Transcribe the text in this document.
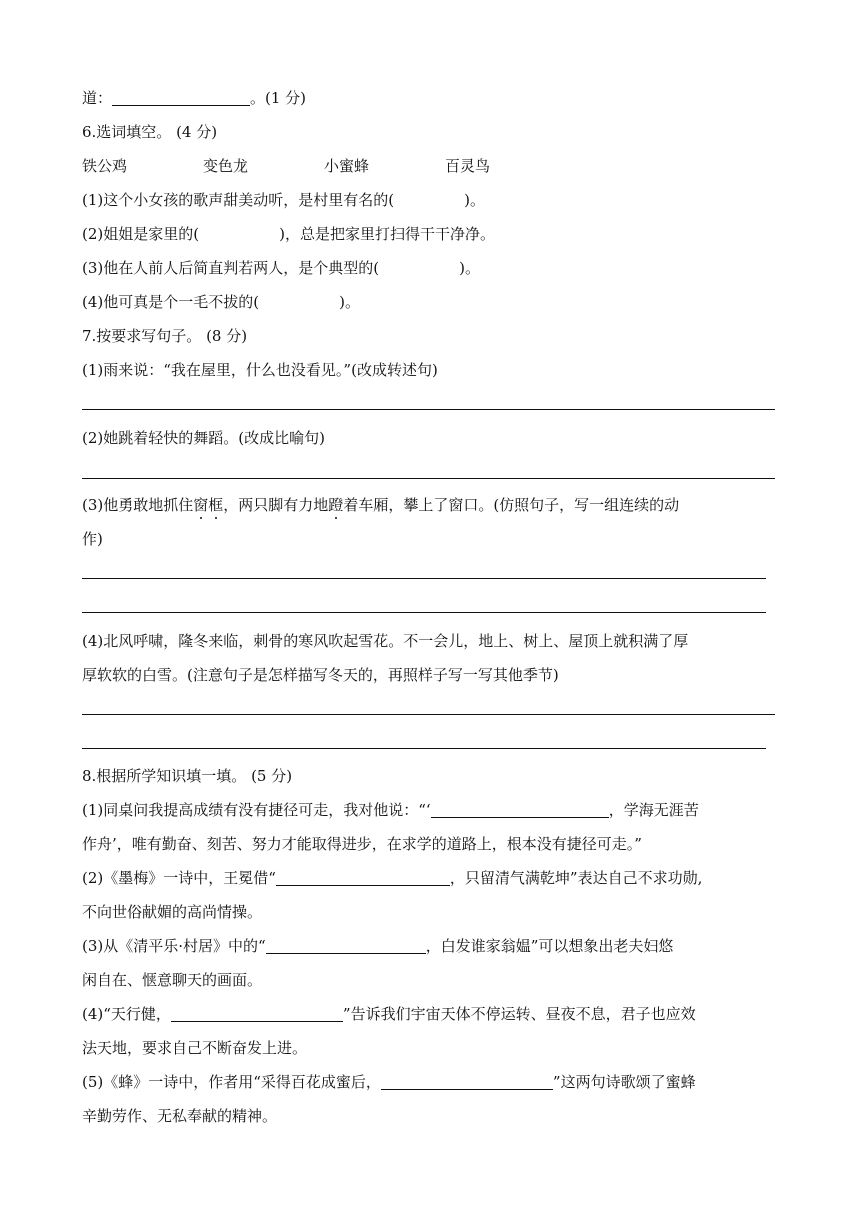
道：	。(1 分)
6.选词填空。 (4 分)
铁公鸡	变色龙	小蜜蜂	百灵鸟
(1)这个小女孩的歌声甜美动听，是村里有名的(	)。
(2)姐姐是家里的(	)，总是把家里打扫得干干净净。
(3)他在人前人后简直判若两人，是个典型的(	)。
(4)他可真是个一毛不拔的(	)。
7.按要求写句子。 (8 分)
(1)雨来说：“我在屋里，什么也没看见。”(改成转述句)
(2)她跳着轻快的舞蹈。(改成比喻句)
(3)他勇敢地抓住窗框，两只脚有力地蹬着车厢，攀上了窗口。(仿照句子，写一组连续的动
作)
(4)北风呼啸，隆冬来临，刺骨的寒风吹起雪花。不一会儿，地上、树上、屋顶上就积满了厚
厚软软的白雪。(注意句子是怎样描写冬天的，再照样子写一写其他季节)
8.根据所学知识填一填。 (5 分)
(1)同桌问我提高成绩有没有捷径可走，我对他说：“‘	，学海无涯苦
作舟’，唯有勤奋、刻苦、努力才能取得进步，在求学的道路上，根本没有捷径可走。”
(2)《墨梅》一诗中，王冕借“	，只留清气满乾坤”表达自己不求功勋,
不向世俗献媚的高尚情操。
(3)从《清平乐·村居》中的“	，白发谁家翁媪”可以想象出老夫妇悠
闲自在、惬意聊天的画面。
(4)“天行健，	”告诉我们宇宙天体不停运转、昼夜不息，君子也应效
法天地，要求自己不断奋发上进。
(5)《蜂》一诗中，作者用“采得百花成蜜后，	”这两句诗歌颂了蜜蜂
辛勤劳作、无私奉献的精神。
